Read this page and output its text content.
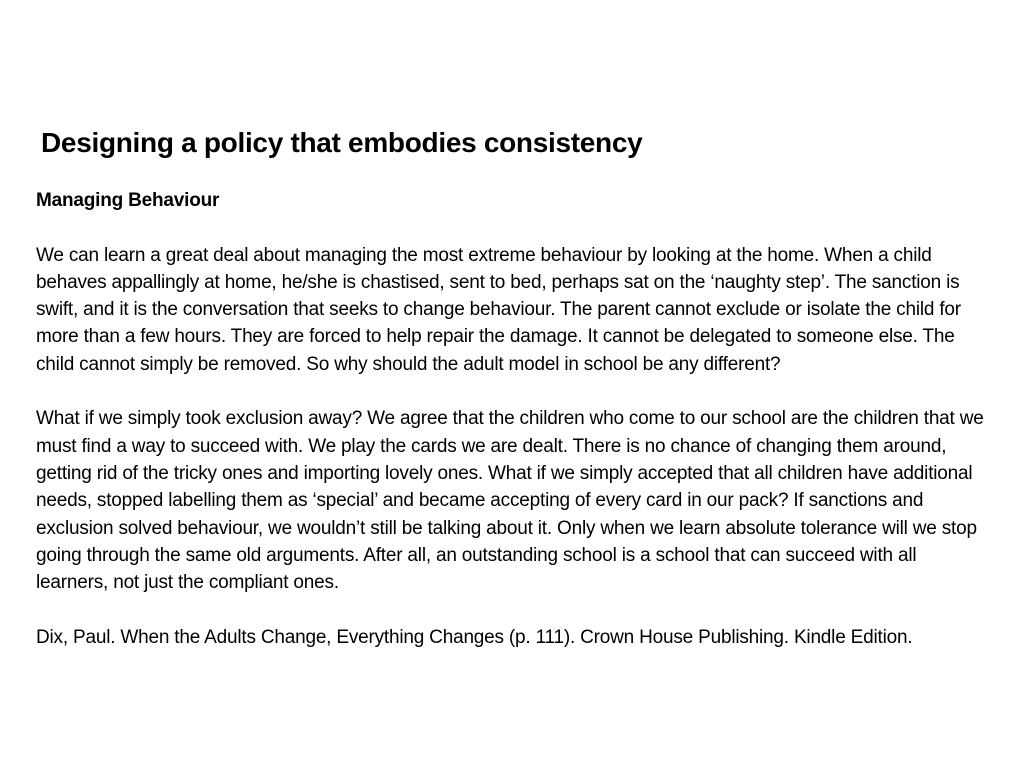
Designing a policy that embodies consistency

Managing Behaviour

We can learn a great deal about managing the most extreme behaviour by looking at the home. When a child behaves appallingly at home, he/she is chastised, sent to bed, perhaps sat on the ‘naughty step’. The sanction is swift, and it is the conversation that seeks to change behaviour. The parent cannot exclude or isolate the child for more than a few hours. They are forced to help repair the damage. It cannot be delegated to someone else. The child cannot simply be removed. So why should the adult model in school be any different?

What if we simply took exclusion away? We agree that the children who come to our school are the children that we must find a way to succeed with. We play the cards we are dealt. There is no chance of changing them around, getting rid of the tricky ones and importing lovely ones. What if we simply accepted that all children have additional needs, stopped labelling them as ‘special’ and became accepting of every card in our pack? If sanctions and exclusion solved behaviour, we wouldn’t still be talking about it. Only when we learn absolute tolerance will we stop going through the same old arguments. After all, an outstanding school is a school that can succeed with all learners, not just the compliant ones.

Dix, Paul. When the Adults Change, Everything Changes (p. 111). Crown House Publishing. Kindle Edition.
